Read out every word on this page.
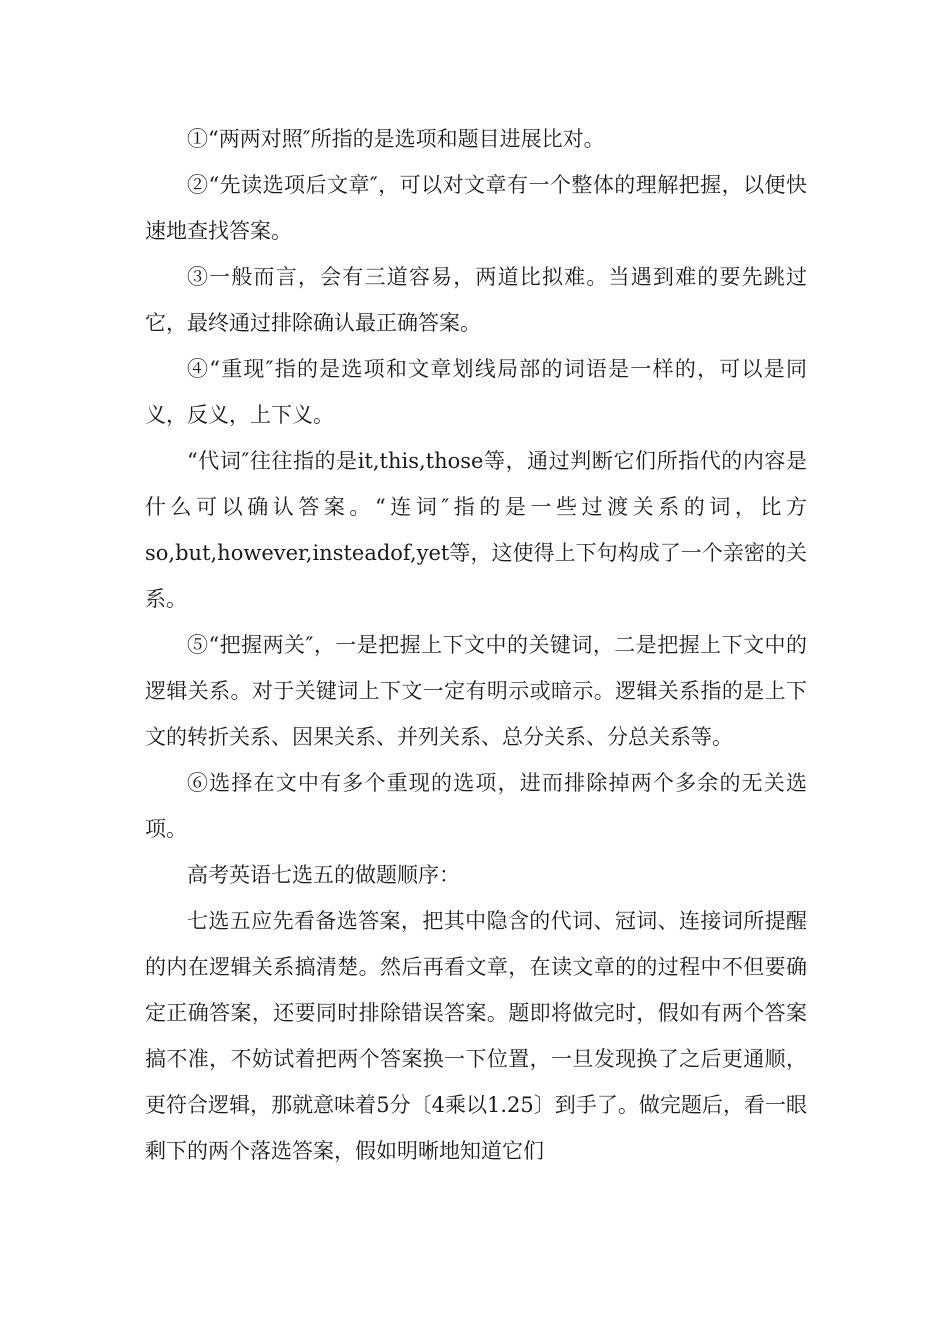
①“两两对照″所指的是选项和题目进展比对。

②“先读选项后文章″，可以对文章有一个整体的理解把握，以便快速地查找答案。

③一般而言，会有三道容易，两道比拟难。当遇到难的要先跳过它，最终通过排除确认最正确答案。

④“重现″指的是选项和文章划线局部的词语是一样的，可以是同义，反义，上下义。

“代词″往往指的是it,this,those等，通过判断它们所指代的内容是什么可以确认答案。“连词″指的是一些过渡关系的词，比方so,but,however,insteadof,yet等，这使得上下句构成了一个亲密的关系。

⑤“把握两关″，一是把握上下文中的关键词，二是把握上下文中的逻辑关系。对于关键词上下文一定有明示或暗示。逻辑关系指的是上下文的转折关系、因果关系、并列关系、总分关系、分总关系等。

⑥选择在文中有多个重现的选项，进而排除掉两个多余的无关选项。

高考英语七选五的做题顺序：

七选五应先看备选答案，把其中隐含的代词、冠词、连接词所提醒的内在逻辑关系搞清楚。然后再看文章，在读文章的的过程中不但要确定正确答案，还要同时排除错误答案。题即将做完时，假如有两个答案搞不准，不妨试着把两个答案换一下位置，一旦发现换了之后更通顺，更符合逻辑，那就意味着5分〔4乘以1.25〕到手了。做完题后，看一眼剩下的两个落选答案，假如明晰地知道它们
